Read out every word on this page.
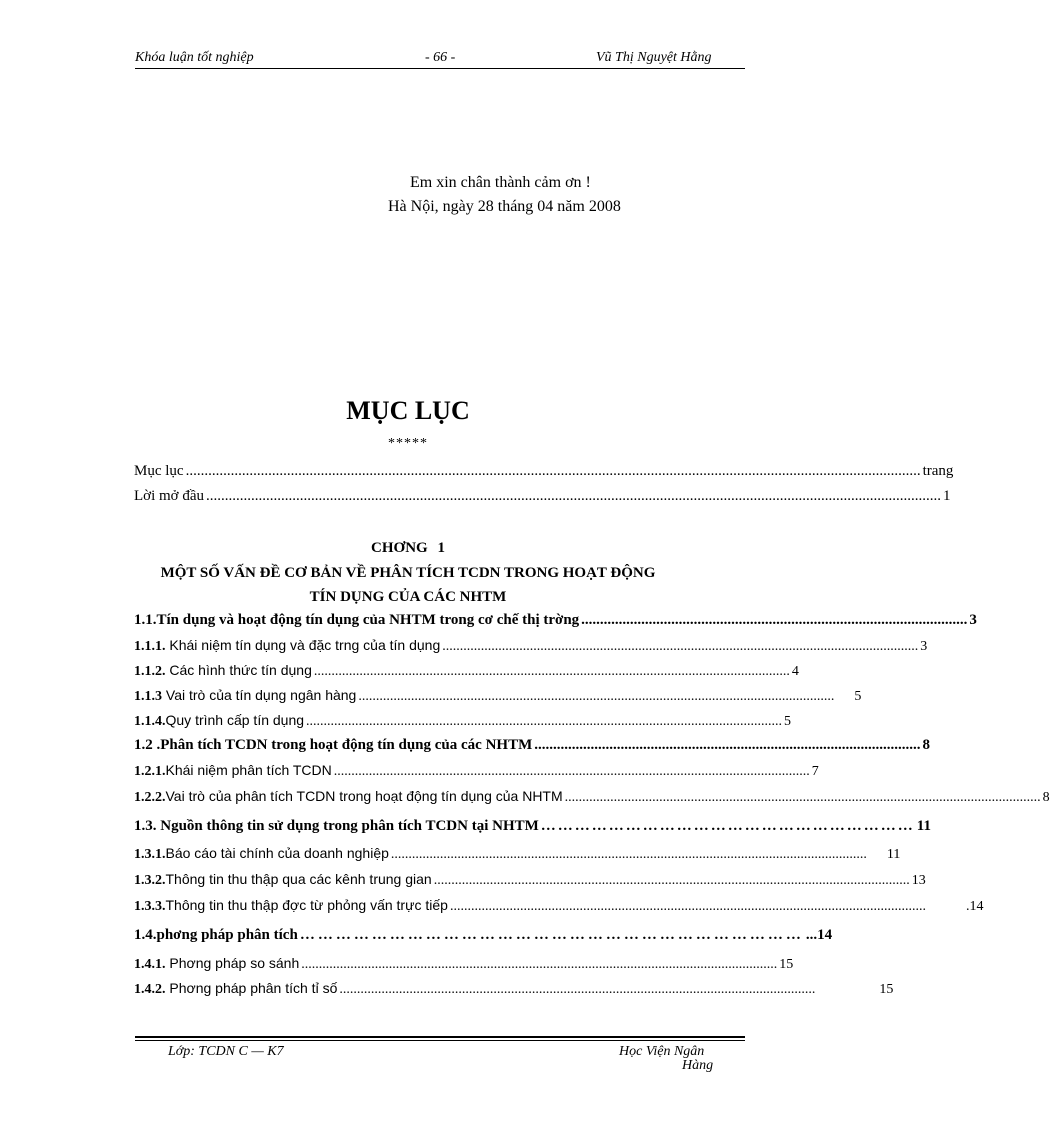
Khóa luận tốt nghiệp	- 66 -	Vũ Thị Nguyệt Hằng
Em xin chân thành cảm ơn !
Hà Nội, ngày 28 tháng 04 năm 2008
MỤC LỤC
*****
Mục lục .................................................................................................................................................................................................... trang
Lời mở đầu .................................................................................................................................................................................................... 1
CHƠNG 1
MỘT SỐ VẤN ĐỀ CƠ BẢN VỀ PHÂN TÍCH TCDN TRONG HOẠT ĐỘNG
TÍN DỤNG CỦA CÁC NHTM
1.1.Tín dụng và hoạt động tín dụng của NHTM trong cơ chế thị trờng ....................................................................................................... 3
1.1.1. Khái niệm tín dụng và đặc trng của tín dụng ........................................................................................................................................ 3
1.1.2. Các hình thức tín dụng ........................................................................................................................................ 4
1.1.3 Vai trò của tín dụng ngân hàng ........................................................................................................................................	5
1.1.4.Quy trình cấp tín dụng ........................................................................................................................................ 5
1.2 .Phân tích TCDN trong hoạt động tín dụng của các NHTM ....................................................................................................... 8
1.2.1.Khái niệm phân tích TCDN ........................................................................................................................................ 7
1.2.2.Vai trò của phân tích TCDN trong hoạt động tín dụng của NHTM ........................................................................................................................................ 8
1.3. Nguồn thông tin sử dụng trong phân tích TCDN tại NHTM ………………………………………………………… 11
1.3.1.Báo cáo tài chính của doanh nghiệp ........................................................................................................................................ 11
1.3.2.Thông tin thu thập qua các kênh trung gian ........................................................................................................................................ 13
1.3.3.Thông tin thu thập đợc từ phỏng vấn trực tiếp ........................................................................................................................................	.14
1.4.phơng pháp phân tích ………………………………………………………………………… ...14
1.4.1. Phơng pháp so sánh ........................................................................................................................................ 15
1.4.2. Phơng pháp phân tích tỉ số ........................................................................................................................................	15
Lớp: TCDN C — K7	Học Viện Ngân
Hàng
